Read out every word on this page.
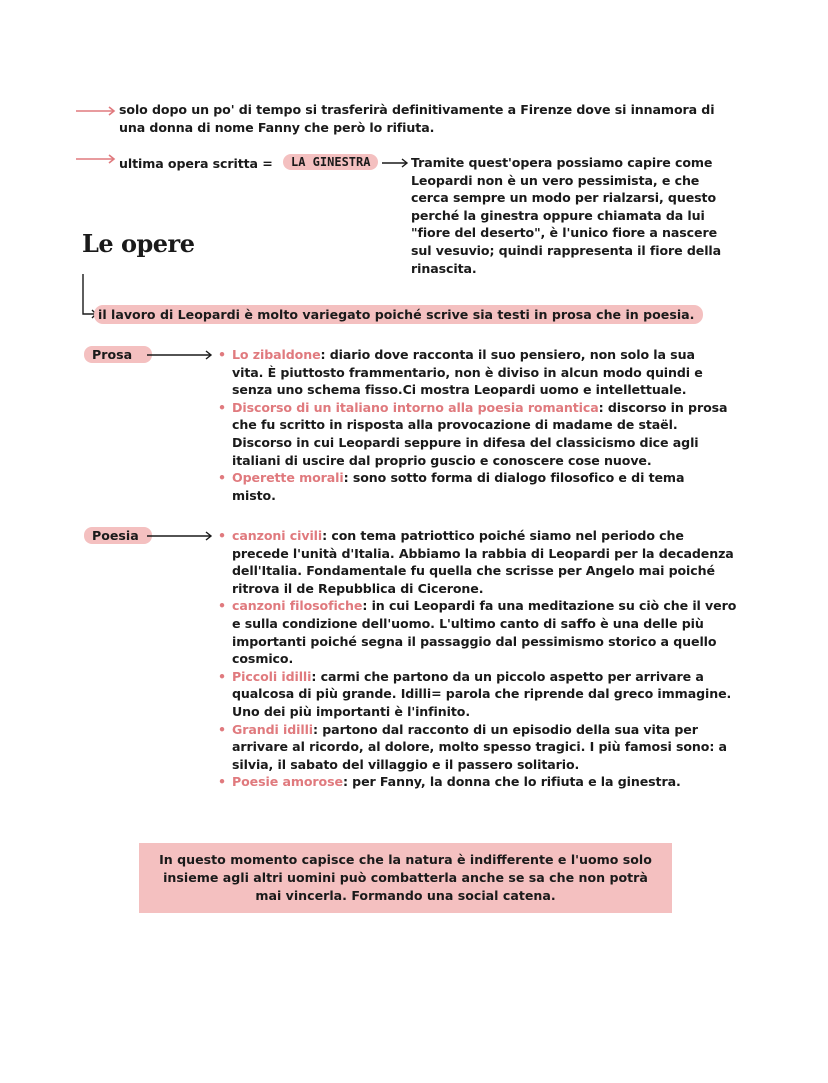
solo dopo un po' di tempo si trasferirà definitivamente a Firenze dove si innamora di una donna di nome Fanny che però lo rifiuta.
ultima opera scritta =	LA GINESTRA	Tramite quest'opera possiamo capire come Leopardi non è un vero pessimista, e che cerca sempre un modo per rialzarsi, questo perché la ginestra oppure chiamata da lui "fiore del deserto", è l'unico fiore a nascere sul vesuvio; quindi rappresenta il fiore della rinascita.
Le opere
il lavoro di Leopardi è molto variegato poiché scrive sia testi in prosa che in poesia.
Prosa	• Lo zibaldone: diario dove racconta il suo pensiero, non solo la sua vita. È piuttosto frammentario, non è diviso in alcun modo quindi e senza uno schema fisso.Ci mostra Leopardi uomo e intellettuale.
• Discorso di un italiano intorno alla poesia romantica: discorso in prosa che fu scritto in risposta alla provocazione di madame de staël. Discorso in cui Leopardi seppure in difesa del classicismo dice agli italiani di uscire dal proprio guscio e conoscere cose nuove.
• Operette morali: sono sotto forma di dialogo filosofico e di tema misto.
Poesia	• canzoni civili: con tema patriottico poiché siamo nel periodo che precede l'unità d'Italia. Abbiamo la rabbia di Leopardi per la decadenza dell'Italia. Fondamentale fu quella che scrisse per Angelo mai poiché ritrova il de Repubblica di Cicerone.
• canzoni filosofiche: in cui Leopardi fa una meditazione su ciò che il vero e sulla condizione dell'uomo. L'ultimo canto di saffo è una delle più importanti poiché segna il passaggio dal pessimismo storico a quello cosmico.
• Piccoli idilli: carmi che partono da un piccolo aspetto per arrivare a qualcosa di più grande. Idilli= parola che riprende dal greco immagine. Uno dei più importanti è l'infinito.
• Grandi idilli: partono dal racconto di un episodio della sua vita per arrivare al ricordo, al dolore, molto spesso tragici. I più famosi sono: a silvia, il sabato del villaggio e il passero solitario.
• Poesie amorose: per Fanny, la donna che lo rifiuta e la ginestra.
In questo momento capisce che la natura è indifferente e l'uomo solo insieme agli altri uomini può combatterla anche se sa che non potrà mai vincerla. Formando una social catena.
